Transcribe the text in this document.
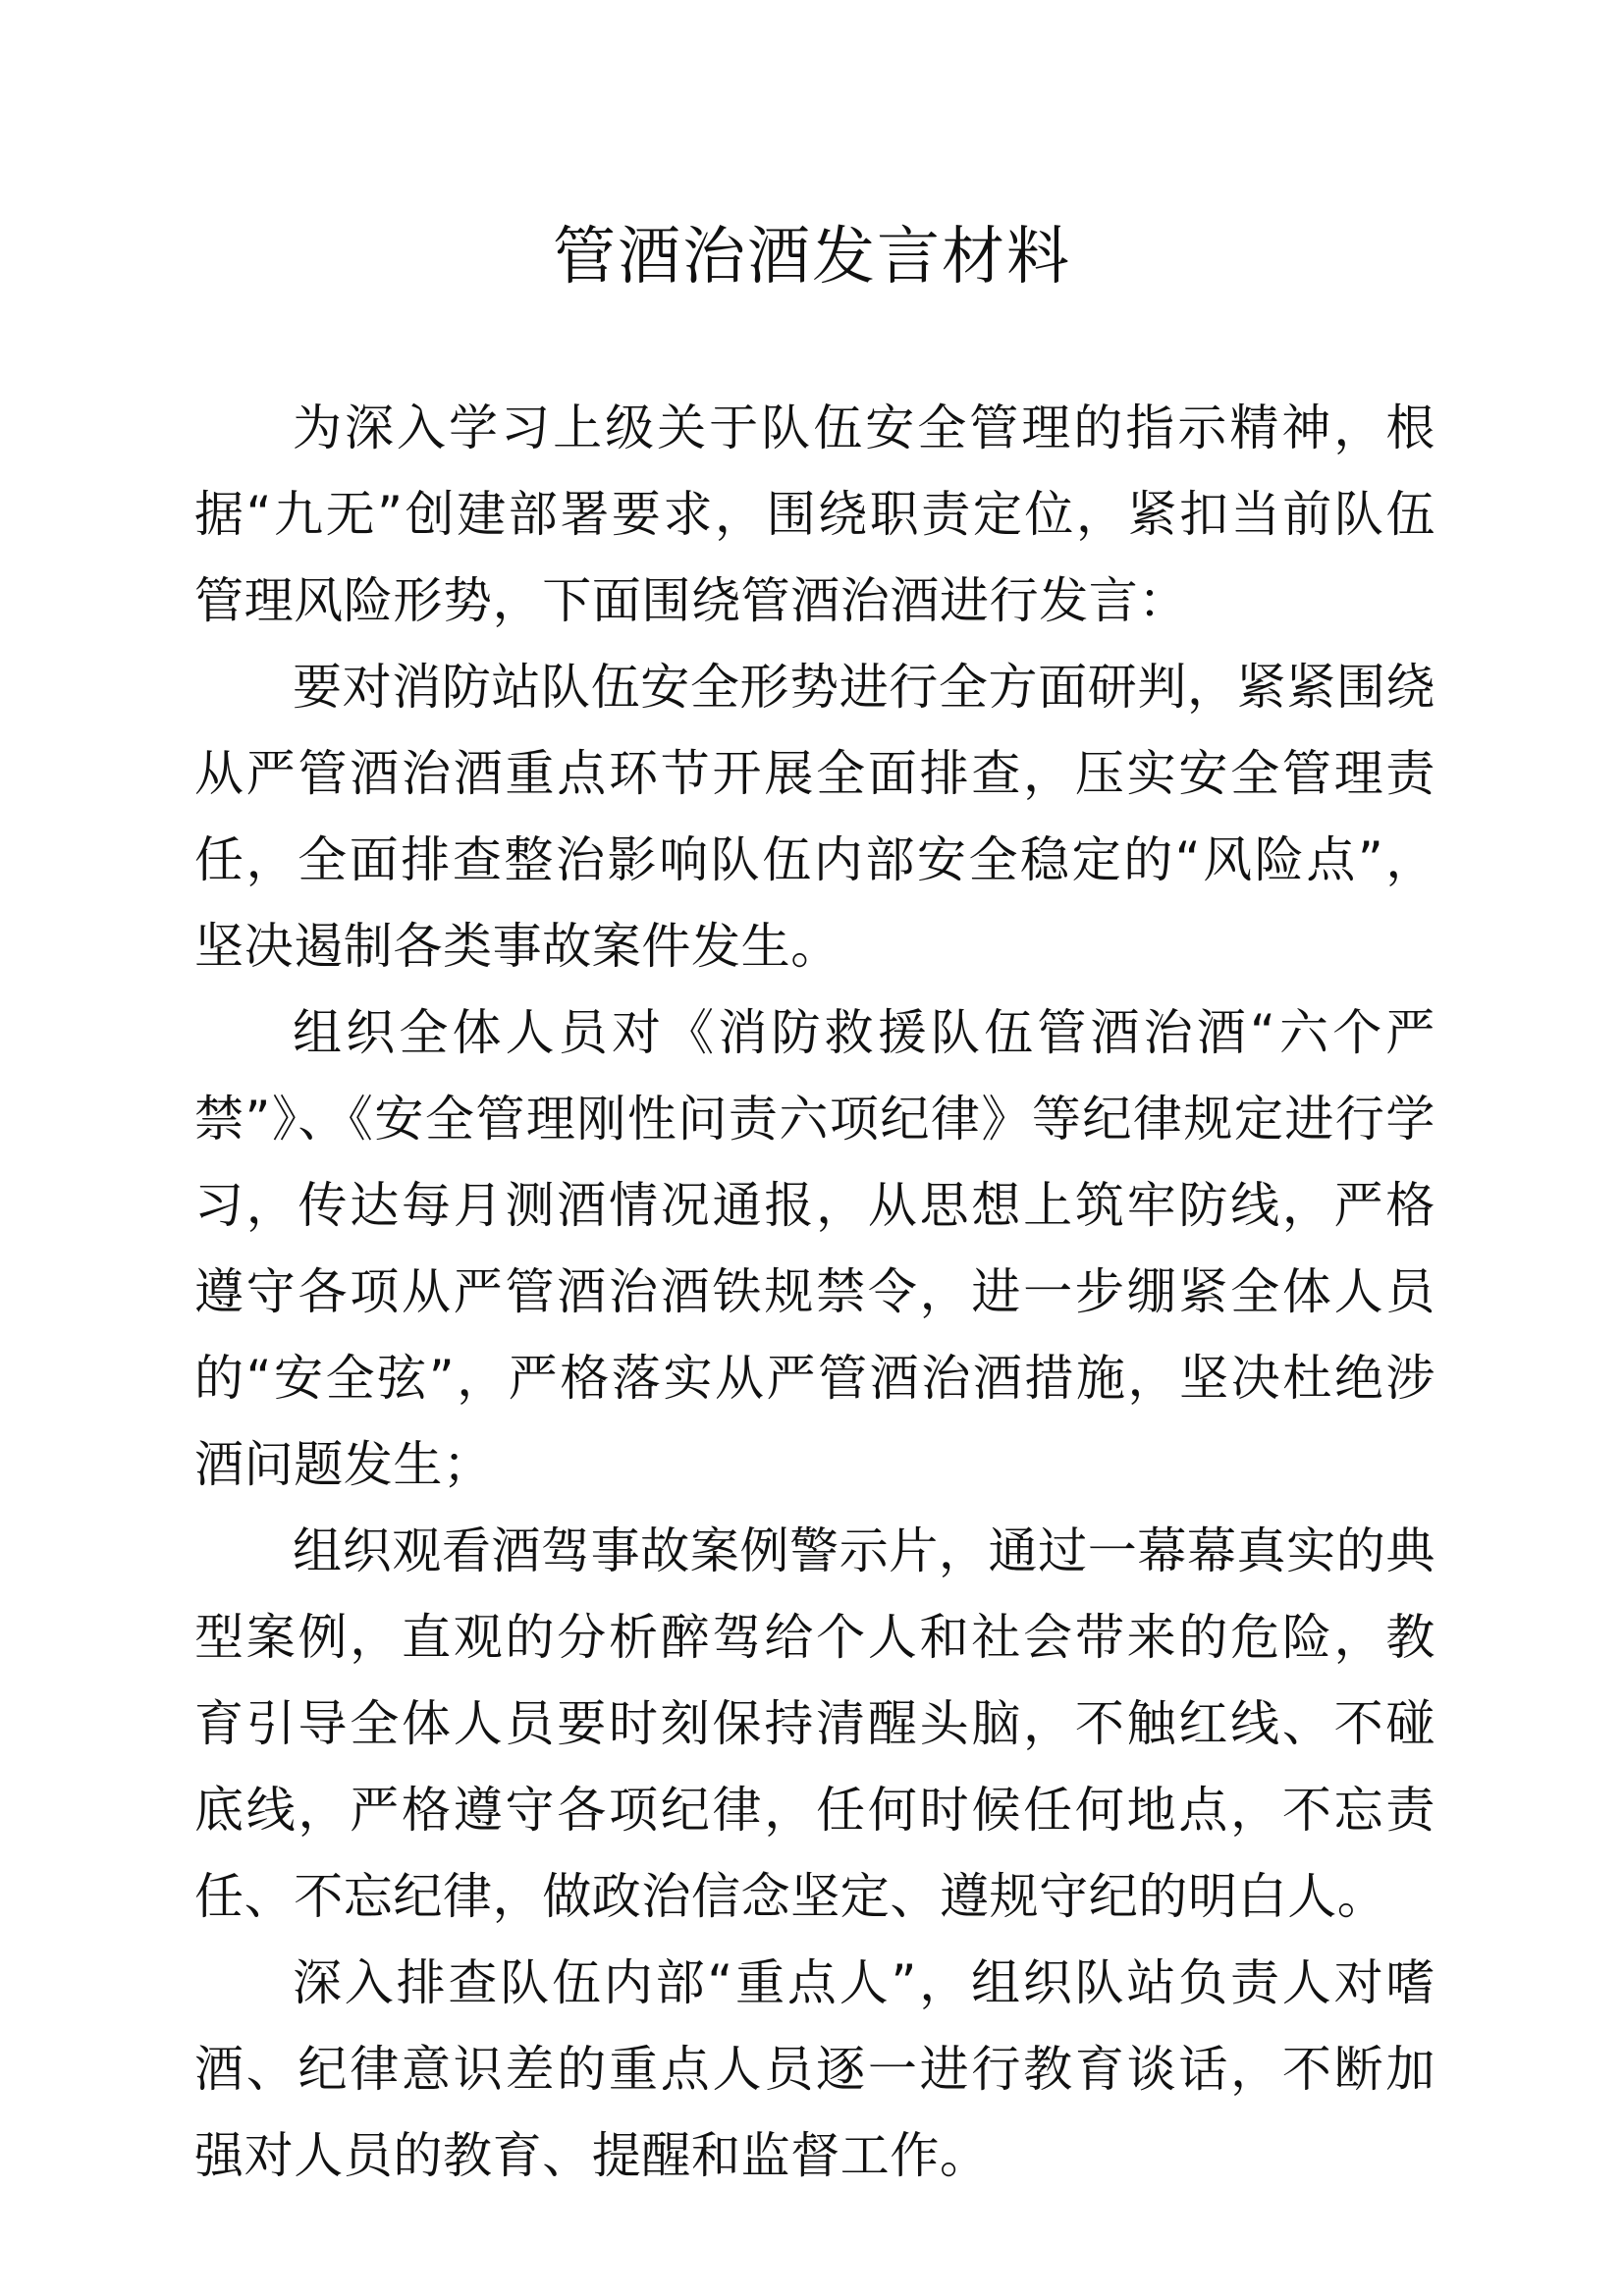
管酒治酒发言材料

为深入学习上级关于队伍安全管理的指示精神，根据“九无”创建部署要求，围绕职责定位，紧扣当前队伍管理风险形势，下面围绕管酒治酒进行发言：

要对消防站队伍安全形势进行全方面研判，紧紧围绕从严管酒治酒重点环节开展全面排查，压实安全管理责任，全面排查整治影响队伍内部安全稳定的“风险点”，坚决遏制各类事故案件发生。

组织全体人员对《消防救援队伍管酒治酒“六个严禁”》、《安全管理刚性问责六项纪律》等纪律规定进行学习，传达每月测酒情况通报，从思想上筑牢防线，严格遵守各项从严管酒治酒铁规禁令，进一步绷紧全体人员的“安全弦”，严格落实从严管酒治酒措施，坚决杜绝涉酒问题发生；

组织观看酒驾事故案例警示片，通过一幕幕真实的典型案例，直观的分析醉驾给个人和社会带来的危险，教育引导全体人员要时刻保持清醒头脑，不触红线、不碰底线，严格遵守各项纪律，任何时候任何地点，不忘责任、不忘纪律，做政治信念坚定、遵规守纪的明白人。

深入排查队伍内部“重点人”，组织队站负责人对嗜酒、纪律意识差的重点人员逐一进行教育谈话，不断加强对人员的教育、提醒和监督工作。
